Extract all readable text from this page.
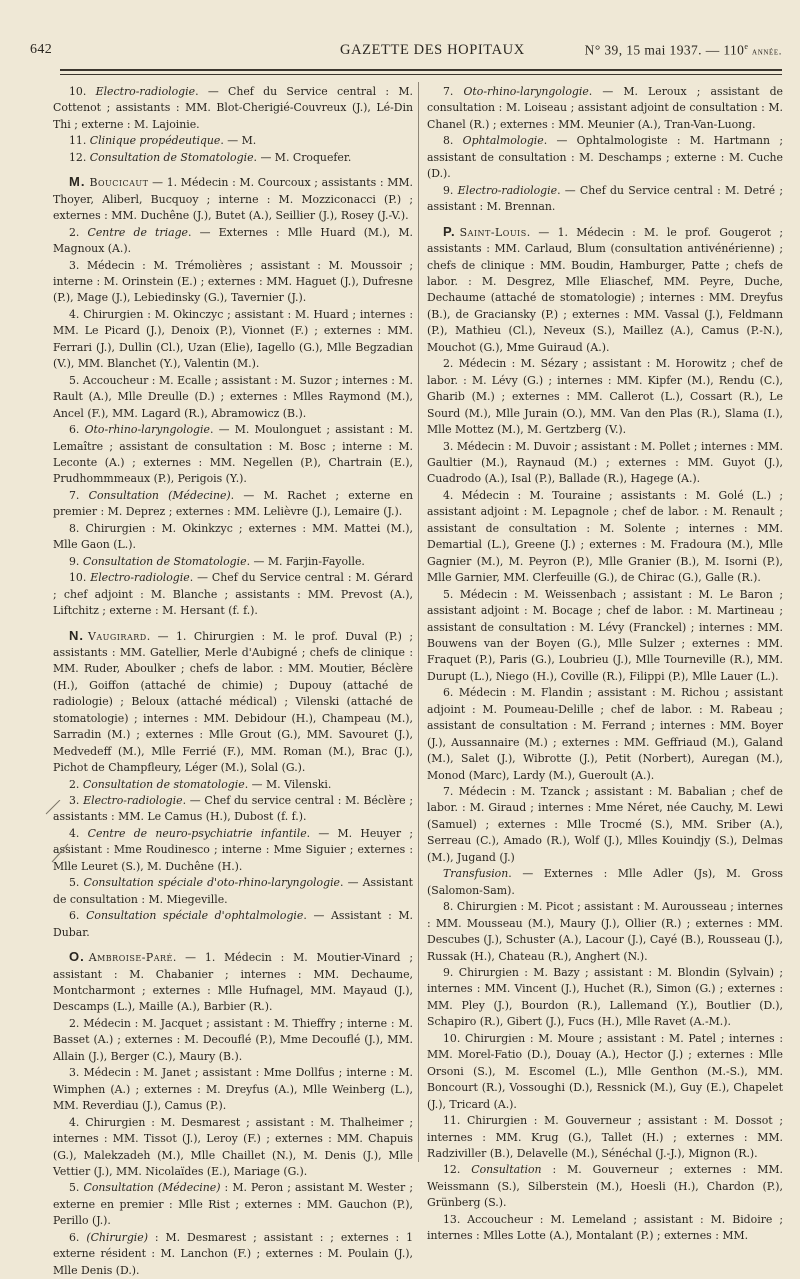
642	GAZETTE DES HOPITAUX	N° 39, 15 mai 1937. — 110e année.

10. Electro-radiologie. — Chef du Service central : M. Cottenot ; assistants : MM. Blot-Cherigié-Couvreux (J.), Lé-Din Thi ; externe : M. Lajoinie.

11. Clinique propédeutique. — M.

12. Consultation de Stomatologie. — M. Croquefer.

M. Boucicaut — 1. Médecin : M. Courcoux ; assistants : MM. Thoyer, Aliberl, Bucquoy ; interne : M. Mozziconacci (P.) ; externes : MM. Duchêne (J.), Butet (A.), Seillier (J.), Rosey (J.-V.).

2. Centre de triage. — Externes : Mlle Huard (M.), M. Magnoux (A.).

3. Médecin : M. Trémolières ; assistant : M. Moussoir ; interne : M. Orinstein (E.) ; externes : MM. Haguet (J.), Dufresne (P.), Mage (J.), Lebiedinsky (G.), Tavernier (J.).

4. Chirurgien : M. Okinczyc ; assistant : M. Huard ; internes : MM. Le Picard (J.), Denoix (P.), Vionnet (F.) ; externes : MM. Ferrari (J.), Dullin (Cl.), Uzan (Elie), Iagello (G.), Mlle Begzadian (V.), MM. Blanchet (Y.), Valentin (M.).

5. Accoucheur : M. Ecalle ; assistant : M. Suzor ; internes : M. Rault (A.), Mlle Dreulle (D.) ; externes : Mlles Raymond (M.), Ancel (F.), MM. Lagard (R.), Abramowicz (B.).

6. Oto-rhino-laryngologie. — M. Moulonguet ; assistant : M. Lemaître ; assistant de consultation : M. Bosc ; interne : M. Leconte (A.) ; externes : MM. Negellen (P.), Chartrain (E.), Prudhommmeaux (P.), Perigois (Y.).

7. Consultation (Médecine). — M. Rachet ; externe en premier : M. Deprez ; externes : MM. Lelièvre (J.), Lemaire (J.).

8. Chirurgien : M. Okinkzyc ; externes : MM. Mattei (M.), Mlle Gaon (L.).

9. Consultation de Stomatologie. — M. Farjin-Fayolle.

10. Electro-radiologie. — Chef du Service central : M. Gérard ; chef adjoint : M. Blanche ; assistants : MM. Prevost (A.), Liftchitz ; externe : M. Hersant (f. f.).

N. Vaugirard. — 1. Chirurgien : M. le prof. Duval (P.) ; assistants : MM. Gatellier, Merle d'Aubigné ; chefs de clinique : MM. Ruder, Aboulker ; chefs de labor. : MM. Moutier, Béclère (H.), Goiffon (attaché de chimie) ; Dupouy (attaché de radiologie) ; Beloux (attaché médical) ; Vilenski (attaché de stomatologie) ; internes : MM. Debidour (H.), Champeau (M.), Sarradin (M.) ; externes : Mlle Grout (G.), MM. Savouret (J.), Medvedeff (M.), Mlle Ferrié (F.), MM. Roman (M.), Brac (J.), Pichot de Champfleury, Léger (M.), Solal (G.).

2. Consultation de stomatologie. — M. Vilenski.

3. Electro-radiologie. — Chef du service central : M. Béclère ; assistants : MM. Le Camus (H.), Dubost (f. f.).

4. Centre de neuro-psychiatrie infantile. — M. Heuyer ; assistant : Mme Roudinesco ; interne : Mme Siguier ; externes : Mlle Leuret (S.), M. Duchêne (H.).

5. Consultation spéciale d'oto-rhino-laryngologie. — Assistant de consultation : M. Miegeville.

6. Consultation spéciale d'ophtalmologie. — Assistant : M. Dubar.

O. Ambroise-Paré. — 1. Médecin : M. Moutier-Vinard ; assistant : M. Chabanier ; internes : MM. Dechaume, Montcharmont ; externes : Mlle Hufnagel, MM. Mayaud (J.), Descamps (L.), Maille (A.), Barbier (R.).

2. Médecin : M. Jacquet ; assistant : M. Thieffry ; interne : M. Basset (A.) ; externes : M. Decouflé (P.), Mme Decouflé (J.), MM. Allain (J.), Berger (C.), Maury (B.).

3. Médecin : M. Janet ; assistant : Mme Dollfus ; interne : M. Wimphen (A.) ; externes : M. Dreyfus (A.), Mlle Weinberg (L.), MM. Reverdiau (J.), Camus (P.).

4. Chirurgien : M. Desmarest ; assistant : M. Thalheimer ; internes : MM. Tissot (J.), Leroy (F.) ; externes : MM. Chapuis (G.), Malekzadeh (M.), Mlle Chaillet (N.), M. Denis (J.), Mlle Vettier (J.), MM. Nicolaïdes (E.), Mariage (G.).

5. Consultation (Médecine) : M. Peron ; assistant M. Wester ; externe en premier : Mlle Rist ; externes : MM. Gauchon (P.), Perillo (J.).

6. (Chirurgie) : M. Desmarest ; assistant : ; externes : 1 externe résident : M. Lanchon (F.) ; externes : M. Poulain (J.), Mlle Denis (D.).

7. Oto-rhino-laryngologie. — M. Leroux ; assistant de consultation : M. Loiseau ; assistant adjoint de consultation : M. Chanel (R.) ; externes : MM. Meunier (A.), Tran-Van-Luong.

8. Ophtalmologie. — Ophtalmologiste : M. Hartmann ; assistant de consultation : M. Deschamps ; externe : M. Cuche (D.).

9. Electro-radiologie. — Chef du Service central : M. Detré ; assistant : M. Brennan.

P. Saint-Louis. — 1. Médecin : M. le prof. Gougerot ; assistants : MM. Carlaud, Blum (consultation antivénérienne) ; chefs de clinique : MM. Boudin, Hamburger, Patte ; chefs de labor. : M. Desgrez, Mlle Eliaschef, MM. Peyre, Duche, Dechaume (attaché de stomatologie) ; internes : MM. Dreyfus (B.), de Graciansky (P.) ; externes : MM. Vassal (J.), Feldmann (P.), Mathieu (Cl.), Neveux (S.), Maillez (A.), Camus (P.-N.), Mouchot (G.), Mme Guiraud (A.).

2. Médecin : M. Sézary ; assistant : M. Horowitz ; chef de labor. : M. Lévy (G.) ; internes : MM. Kipfer (M.), Rendu (C.), Gharib (M.) ; externes : MM. Callerot (L.), Cossart (R.), Le Sourd (M.), Mlle Jurain (O.), MM. Van den Plas (R.), Slama (I.), Mlle Mottez (M.), M. Gertzberg (V.).

3. Médecin : M. Duvoir ; assistant : M. Pollet ; internes : MM. Gaultier (M.), Raynaud (M.) ; externes : MM. Guyot (J.), Cuadrodo (A.), Isal (P.), Ballade (R.), Hagege (A.).

4. Médecin : M. Touraine ; assistants : M. Golé (L.) ; assistant adjoint : M. Lepagnole ; chef de labor. : M. Renault ; assistant de consultation : M. Solente ; internes : MM. Demartial (L.), Greene (J.) ; externes : M. Fradoura (M.), Mlle Gagnier (M.), M. Peyron (P.), Mlle Granier (B.), M. Isorni (P.), Mlle Garnier, MM. Clerfeuille (G.), de Chirac (G.), Galle (R.).

5. Médecin : M. Weissenbach ; assistant : M. Le Baron ; assistant adjoint : M. Bocage ; chef de labor. : M. Martineau ; assistant de consultation : M. Lévy (Franckel) ; internes : MM. Bouwens van der Boyen (G.), Mlle Sulzer ; externes : MM. Fraquet (P.), Paris (G.), Loubrieu (J.), Mlle Tourneville (R.), MM. Durupt (L.), Niego (H.), Coville (R.), Filippi (P.), Mlle Lauer (L.).

6. Médecin : M. Flandin ; assistant : M. Richou ; assistant adjoint : M. Poumeau-Delille ; chef de labor. : M. Rabeau ; assistant de consultation : M. Ferrand ; internes : MM. Boyer (J.), Aussannaire (M.) ; externes : MM. Geffriaud (M.), Galand (M.), Salet (J.), Wibrotte (J.), Petit (Norbert), Auregan (M.), Monod (Marc), Lardy (M.), Gueroult (A.).

7. Médecin : M. Tzanck ; assistant : M. Babalian ; chef de labor. : M. Giraud ; internes : Mme Néret, née Cauchy, M. Lewi (Samuel) ; externes : Mlle Trocmé (S.), MM. Sriber (A.), Serreau (C.), Amado (R.), Wolf (J.), Mlles Kouindjy (S.), Delmas (M.), Jugand (J.)

Transfusion. — Externes : Mlle Adler (Js), M. Gross (Salomon-Sam).

8. Chirurgien : M. Picot ; assistant : M. Aurousseau ; internes : MM. Mousseau (M.), Maury (J.), Ollier (R.) ; externes : MM. Descubes (J.), Schuster (A.), Lacour (J.), Cayé (B.), Rousseau (J.), Russak (H.), Chateau (R.), Anghert (N.).

9. Chirurgien : M. Bazy ; assistant : M. Blondin (Sylvain) ; internes : MM. Vincent (J.), Huchet (R.), Simon (G.) ; externes : MM. Pley (J.), Bourdon (R.), Lallemand (Y.), Boutlier (D.), Schapiro (R.), Gibert (J.), Fucs (H.), Mlle Ravet (A.-M.).

10. Chirurgien : M. Moure ; assistant : M. Patel ; internes : MM. Morel-Fatio (D.), Douay (A.), Hector (J.) ; externes : Mlle Orsoni (S.), M. Escomel (L.), Mlle Genthon (M.-S.), MM. Boncourt (R.), Vossoughi (D.), Ressnick (M.), Guy (E.), Chapelet (J.), Tricard (A.).

11. Chirurgien : M. Gouverneur ; assistant : M. Dossot ; internes : MM. Krug (G.), Tallet (H.) ; externes : MM. Radziviller (B.), Delavelle (M.), Sénéchal (J.-J.), Mignon (R.).

12. Consultation : M. Gouverneur ; externes : MM. Weissmann (S.), Silberstein (M.), Hoesli (H.), Chardon (P.), Grünberg (S.).

13. Accoucheur : M. Lemeland ; assistant : M. Bidoire ; internes : Mlles Lotte (A.), Montalant (P.) ; externes : MM.
